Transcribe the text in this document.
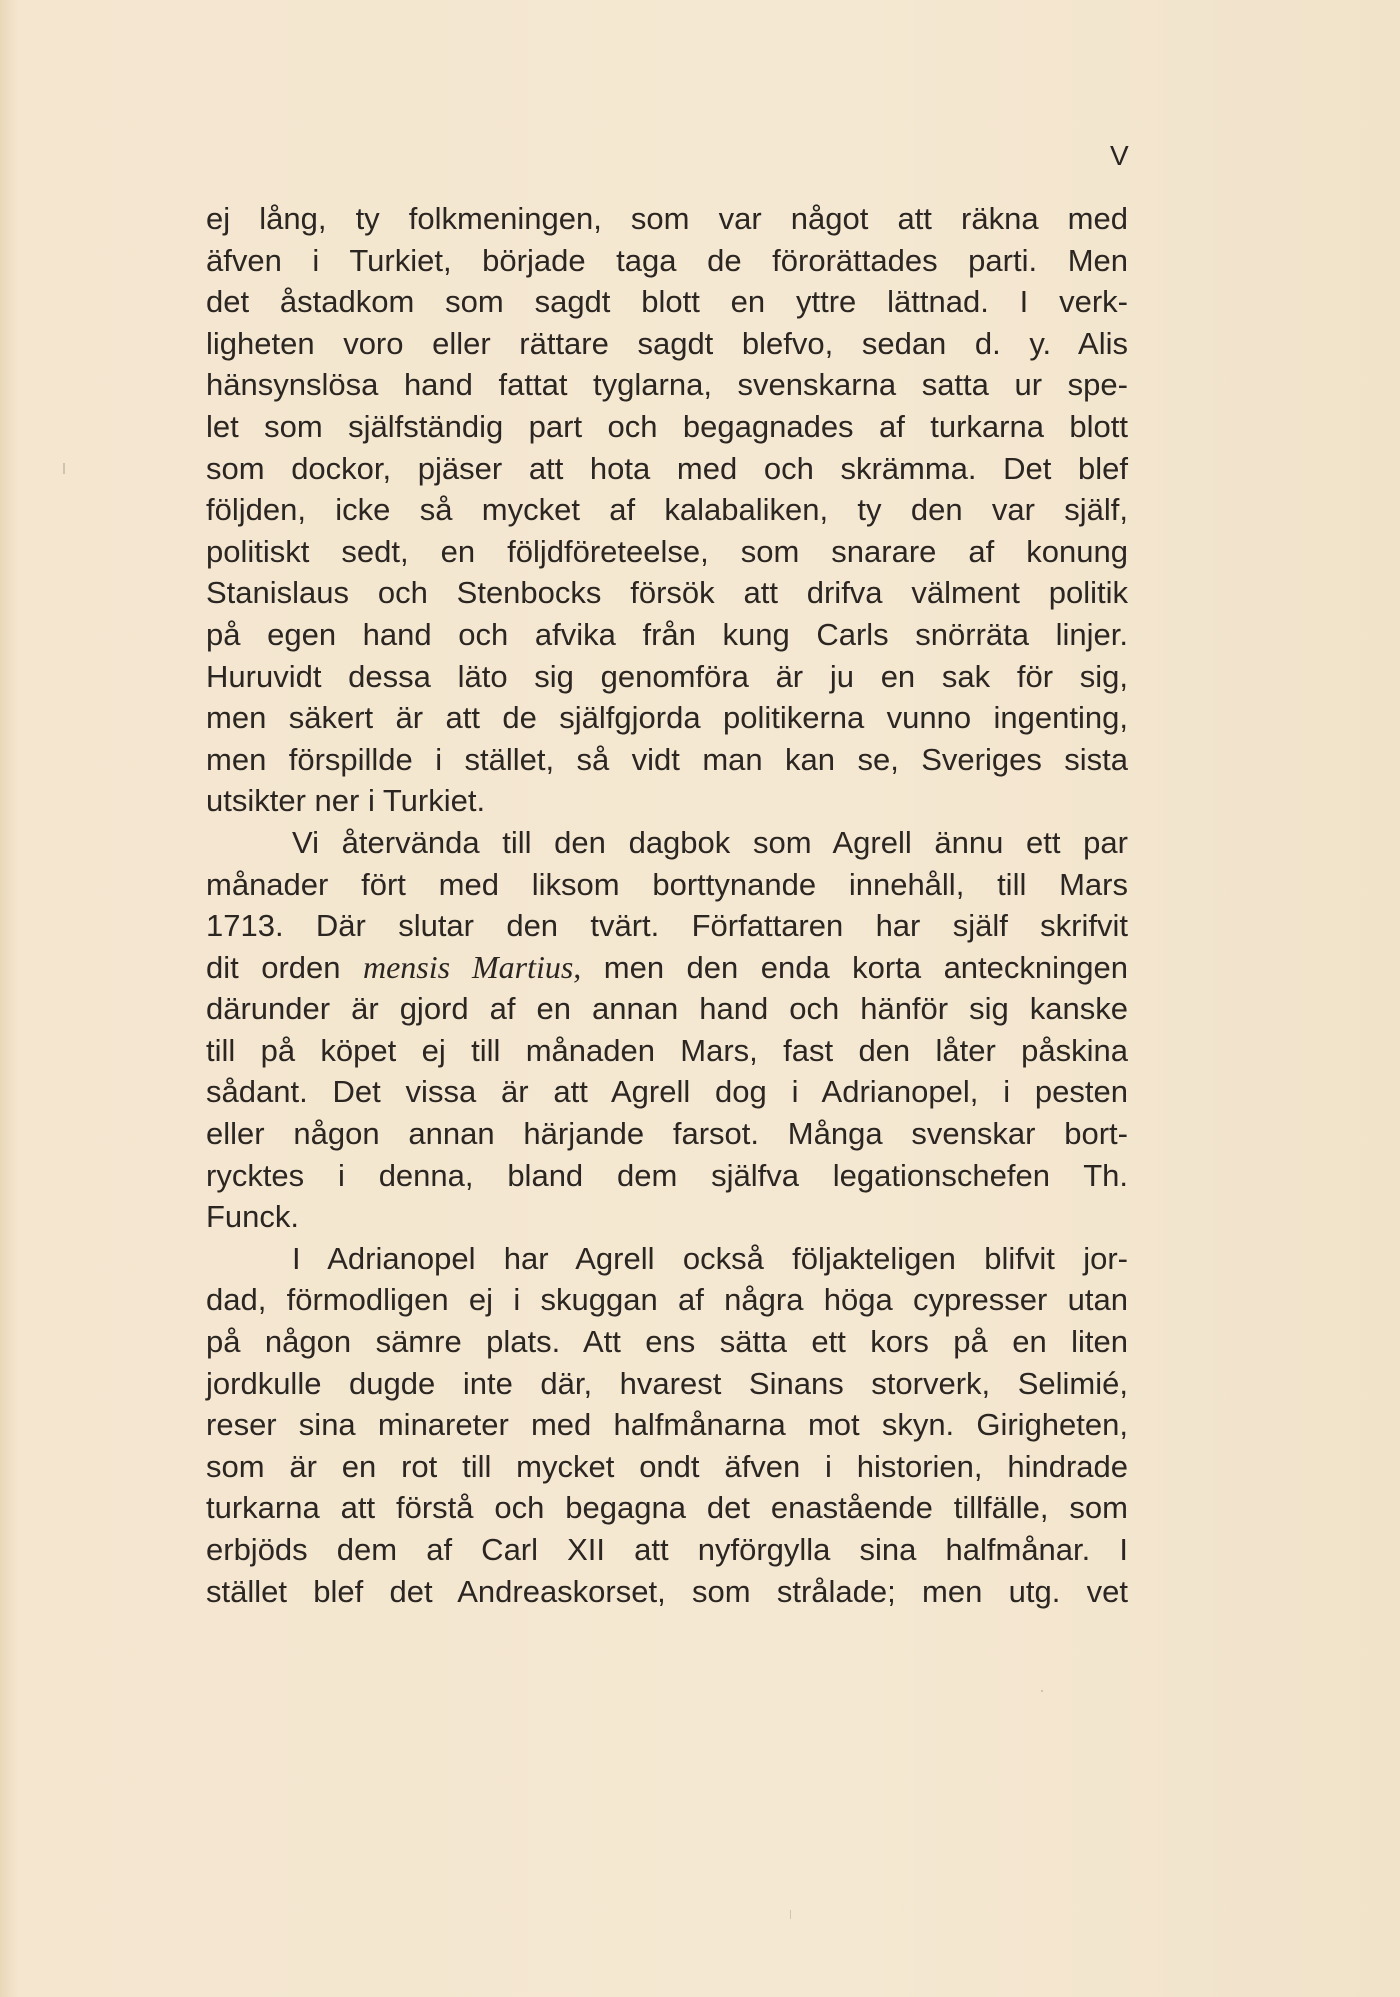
V
ej lång, ty folkmeningen, som var något att räkna med
äfven i Turkiet, började taga de förorättades parti. Men
det åstadkom som sagdt blott en yttre lättnad. I verk-
ligheten voro eller rättare sagdt blefvo, sedan d. y. Alis
hänsynslösa hand fattat tyglarna, svenskarna satta ur spe-
let som själfständig part och begagnades af turkarna blott
som dockor, pjäser att hota med och skrämma. Det blef
följden, icke så mycket af kalabaliken, ty den var själf,
politiskt sedt, en följdföreteelse, som snarare af konung
Stanislaus och Stenbocks försök att drifva välment politik
på egen hand och afvika från kung Carls snörräta linjer.
Huruvidt dessa läto sig genomföra är ju en sak för sig,
men säkert är att de själfgjorda politikerna vunno ingenting,
men förspillde i stället, så vidt man kan se, Sveriges sista
utsikter ner i Turkiet.
Vi återvända till den dagbok som Agrell ännu ett par
månader fört med liksom borttynande innehåll, till Mars
1713. Där slutar den tvärt. Författaren har själf skrifvit
dit orden mensis Martius, men den enda korta anteckningen
därunder är gjord af en annan hand och hänför sig kanske
till på köpet ej till månaden Mars, fast den låter påskina
sådant. Det vissa är att Agrell dog i Adrianopel, i pesten
eller någon annan härjande farsot. Många svenskar bort-
rycktes i denna, bland dem själfva legationschefen Th.
Funck.
I Adrianopel har Agrell också följakteligen blifvit jor-
dad, förmodligen ej i skuggan af några höga cypresser utan
på någon sämre plats. Att ens sätta ett kors på en liten
jordkulle dugde inte där, hvarest Sinans storverk, Selimié,
reser sina minareter med halfmånarna mot skyn. Girigheten,
som är en rot till mycket ondt äfven i historien, hindrade
turkarna att förstå och begagna det enastående tillfälle, som
erbjöds dem af Carl XII att nyförgylla sina halfmånar. I
stället blef det Andreaskorset, som strålade; men utg. vet
